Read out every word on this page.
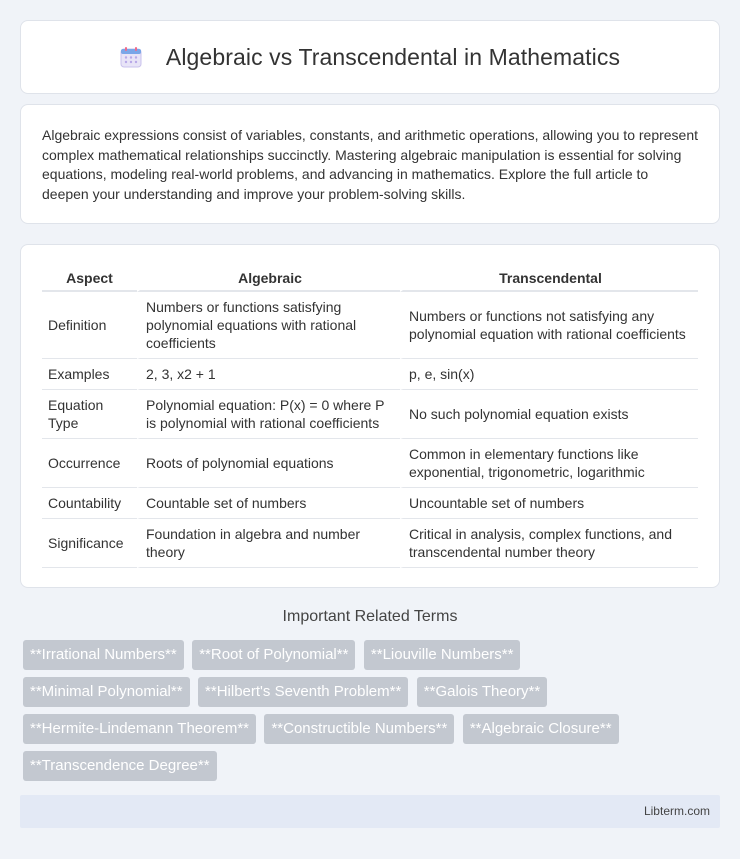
Algebraic vs Transcendental in Mathematics

Algebraic expressions consist of variables, constants, and arithmetic operations, allowing you to represent complex mathematical relationships succinctly. Mastering algebraic manipulation is essential for solving equations, modeling real-world problems, and advancing in mathematics. Explore the full article to deepen your understanding and improve your problem-solving skills.

Aspect	Algebraic	Transcendental
Definition	Numbers or functions satisfying polynomial equations with rational coefficients	Numbers or functions not satisfying any polynomial equation with rational coefficients
Examples	2, 3, x2 + 1	p, e, sin(x)
Equation Type	Polynomial equation: P(x) = 0 where P is polynomial with rational coefficients	No such polynomial equation exists
Occurrence	Roots of polynomial equations	Common in elementary functions like exponential, trigonometric, logarithmic
Countability	Countable set of numbers	Uncountable set of numbers
Significance	Foundation in algebra and number theory	Critical in analysis, complex functions, and transcendental number theory
Important Related Terms
**Irrational Numbers** **Root of Polynomial** **Liouville Numbers**
**Minimal Polynomial** **Hilbert's Seventh Problem** **Galois Theory**
**Hermite-Lindemann Theorem** **Constructible Numbers** **Algebraic Closure**
**Transcendence Degree**
Libterm.com
